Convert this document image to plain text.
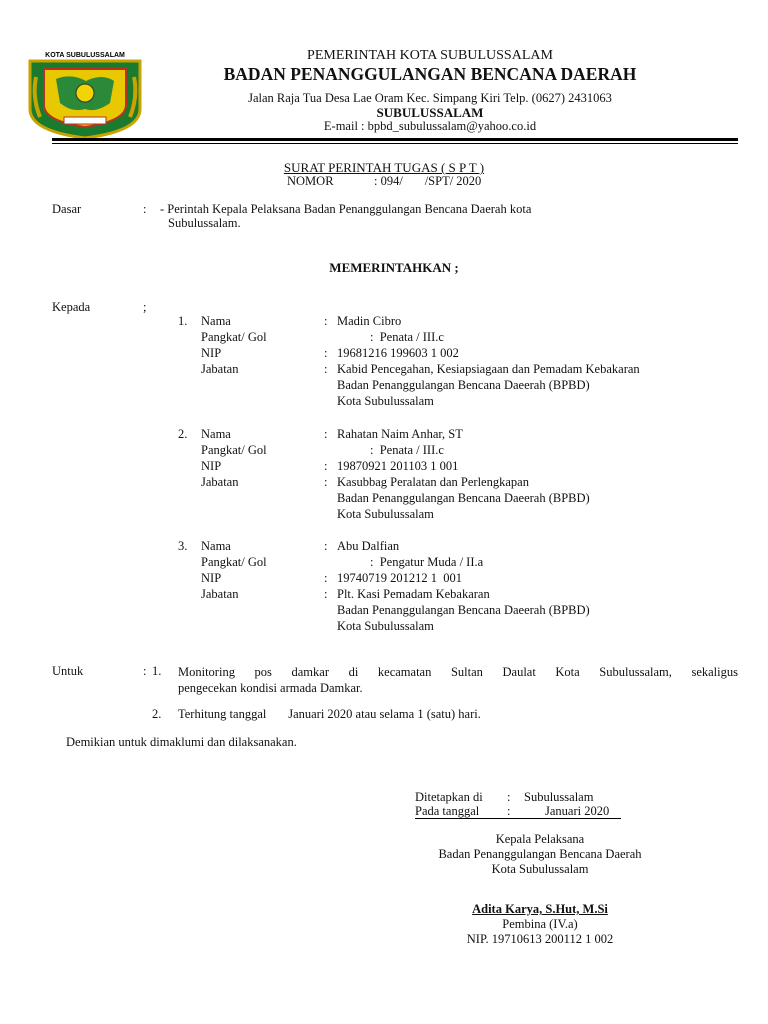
KOTA SUBULUSSALAM	PEMERINTAH KOTA SUBULUSSALAM
BADAN PENANGGULANGAN BENCANA DAERAH
Jalan Raja Tua Desa Lae Oram Kec. Simpang Kiri Telp. (0627) 2431063
SUBULUSSALAM
E-mail : bpbd_subulussalam@yahoo.co.id
SURAT PERINTAH TUGAS ( S P T )
NOMOR	: 094/       /SPT/ 2020
Dasar	: - Perintah Kepala Pelaksana Badan Penanggulangan Bencana Daerah kota
Subulussalam.
MEMERINTAHKAN ;
Kepada	;
1. Nama	: Madin Cibro
Pangkat/ Gol	:  Penata / III.c
NIP	: 19681216 199603 1 002
Jabatan	: Kabid Pencegahan, Kesiapsiagaan dan Pemadam Kebakaran
Badan Penanggulangan Bencana Daeerah (BPBD)
Kota Subulussalam
2. Nama	: Rahatan Naim Anhar, ST
Pangkat/ Gol	:  Penata / III.c
NIP	: 19870921 201103 1 001
Jabatan	: Kasubbag Peralatan dan Perlengkapan
Badan Penanggulangan Bencana Daeerah (BPBD)
Kota Subulussalam
3. Nama	: Abu Dalfian
Pangkat/ Gol	:  Pengatur Muda / II.a
NIP	: 19740719 201212 1  001
Jabatan	: Plt. Kasi Pemadam Kebakaran
Badan Penanggulangan Bencana Daeerah (BPBD)
Kota Subulussalam
Untuk	: 1. Monitoring pos damkar di kecamatan Sultan Daulat Kota Subulussalam, sekaligus
pengecekan kondisi armada Damkar.
2. Terhitung tanggal       Januari 2020 atau selama 1 (satu) hari.
Demikian untuk dimaklumi dan dilaksanakan.
Ditetapkan di : Subulussalam
Pada tanggal :	Januari 2020
Kepala Pelaksana
Badan Penanggulangan Bencana Daerah
Kota Subulussalam
Adita Karya, S.Hut, M.Si
Pembina (IV.a)
NIP. 19710613 200112 1 002
